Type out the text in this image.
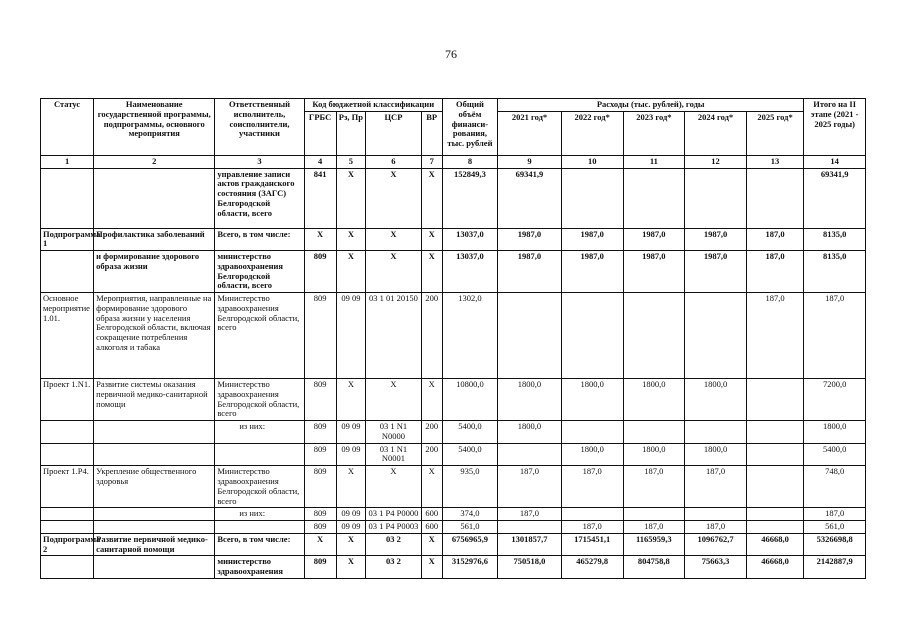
76
Статус	Наименование государственной программы, подпрограммы, основного мероприятия	Ответственный исполнитель, соисполнители, участники	Код бюджетной классификации				Общий объём финанси- рования, тыс. рублей	Расходы (тыс. рублей), годы					Итого на II этапе (2021 - 2025 годы)
			ГРБС	Рз, Пр	ЦСР	ВР		2021 год*	2022 год*	2023 год*	2024 год*	2025 год*	
1	2	3	4	5	6	7	8	9	10	11	12	13	14
		управление записи актов гражданского состояния (ЗАГС) Белгородской области, всего	841	Х	Х	Х	152849,3	69341,9					69341,9
Подпрограмма 1	Профилактика заболеваний	Всего, в том числе:	Х	Х	Х	Х	13037,0	1987,0	1987,0	1987,0	1987,0	187,0	8135,0
	и формирование здорового образа жизни	министерство здравоохранения Белгородской области, всего	809	Х	Х	Х	13037,0	1987,0	1987,0	1987,0	1987,0	187,0	8135,0
Основное мероприятие 1.01.	Мероприятия, направленные на формирование здорового образа жизни у населения Белгородской области, включая сокращение потребления алкоголя и табака	Министерство здравоохранения Белгородской области, всего	809	09 09	03 1 01 20150	200	1302,0					187,0	187,0
Проект 1.N1.	Развитие системы оказания первичной медико-санитарной помощи	Министерство здравоохранения Белгородской области, всего	809	Х	Х	Х	10800,0	1800,0	1800,0	1800,0	1800,0		7200,0
		из них:	809	09 09	03 1 N1 N0000	200	5400,0	1800,0					1800,0
			809	09 09	03 1 N1 N0001	200	5400,0		1800,0	1800,0	1800,0		5400,0
Проект 1.P4.	Укрепление общественного здоровья	Министерство здравоохранения Белгородской области, всего	809	Х	Х	Х	935,0	187,0	187,0	187,0	187,0		748,0
		из них:	809	09 09	03 1 P4 P0000	600	374,0	187,0					187,0
			809	09 09	03 1 P4 P0003	600	561,0		187,0	187,0	187,0		561,0
Подпрограмма 2	Развитие первичной медико-санитарной помощи	Всего, в том числе:	Х	Х	03 2	Х	6756965,9	1301857,7	1715451,1	1165959,3	1096762,7	46668,0	5326698,8
		министерство здравоохранения	809	Х	03 2	Х	3152976,6	750518,0	465279,8	804758,8	75663,3	46668,0	2142887,9
